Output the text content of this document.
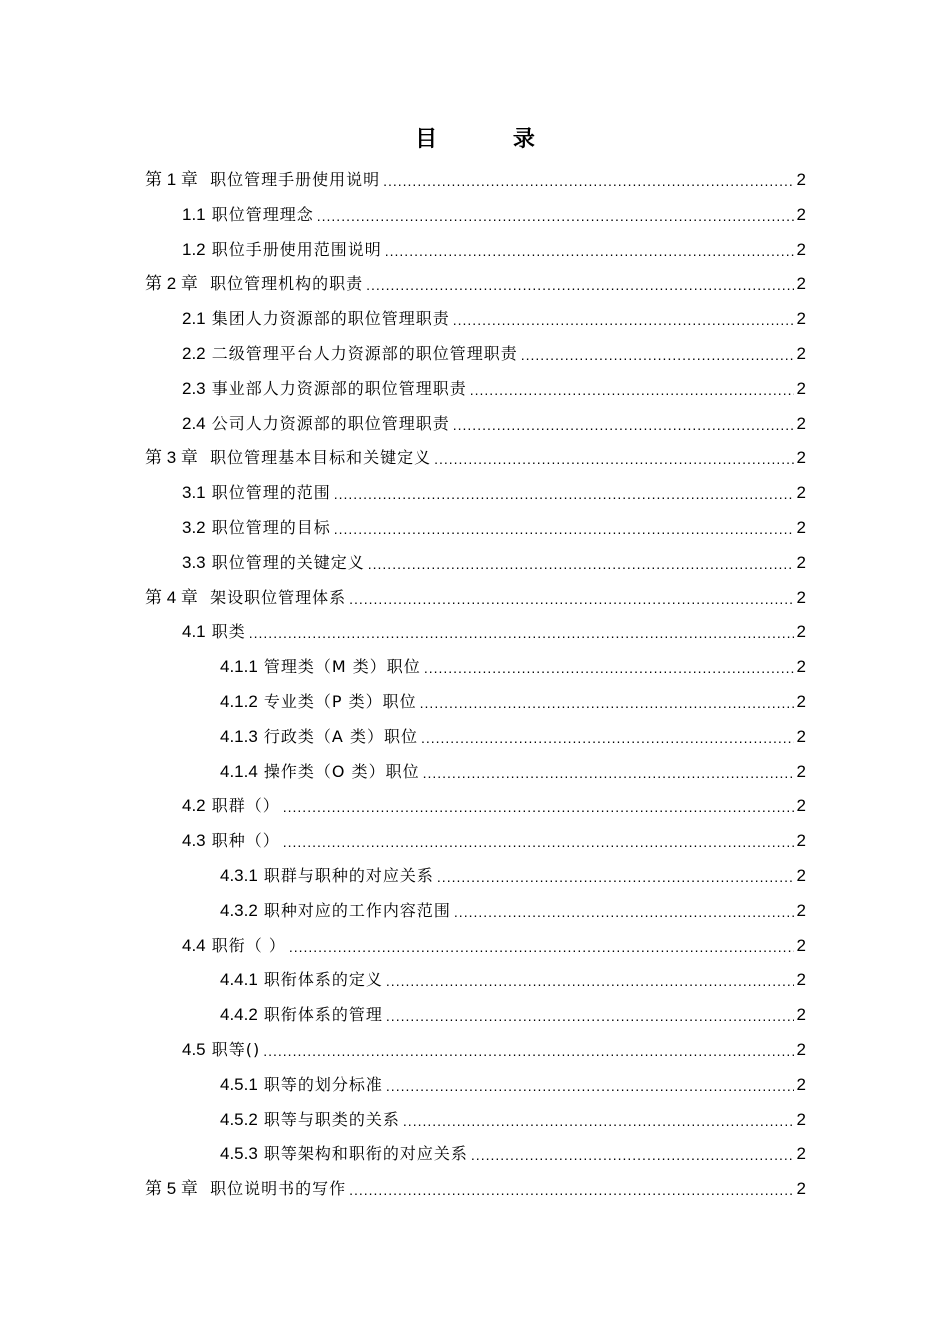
目 录
第 1 章 职位管理手册使用说明 .....	2
1.1 职位管理理念 .....	2
1.2 职位手册使用范围说明 .....	2
第 2 章 职位管理机构的职责 .....	2
2.1 集团人力资源部的职位管理职责 .....	2
2.2 二级管理平台人力资源部的职位管理职责 .....	2
2.3 事业部人力资源部的职位管理职责 .....	2
2.4 公司人力资源部的职位管理职责 .....	2
第 3 章 职位管理基本目标和关键定义 .....	2
3.1 职位管理的范围 .....	2
3.2 职位管理的目标 .....	2
3.3 职位管理的关键定义 .....	2
第 4 章 架设职位管理体系 .....	2
4.1 职类 .....	2
4.1.1 管理类（M 类）职位 .....	2
4.1.2 专业类（P 类）职位 .....	2
4.1.3 行政类（A 类）职位 .....	2
4.1.4 操作类（O 类）职位 .....	2
4.2 职群（） .....	2
4.3 职种（） .....	2
4.3.1 职群与职种的对应关系 .....	2
4.3.2 职种对应的工作内容范围 .....	2
4.4 职衔（ ） .....	2
4.4.1 职衔体系的定义 .....	2
4.4.2 职衔体系的管理 .....	2
4.5 职等() .....	2
4.5.1 职等的划分标准 .....	2
4.5.2 职等与职类的关系 .....	2
4.5.3 职等架构和职衔的对应关系 .....	2
第 5 章 职位说明书的写作 .....	2
